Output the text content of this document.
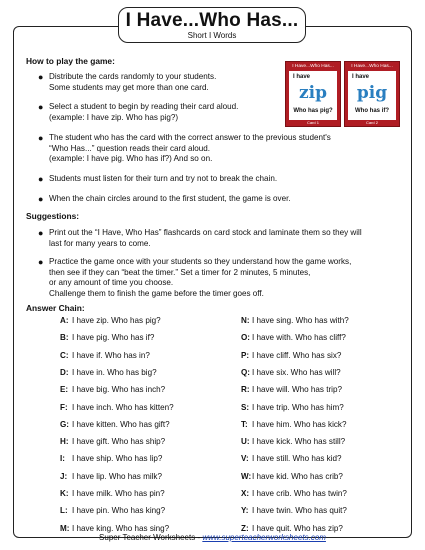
I Have...Who Has...
Short I Words
How to play the game:
● Distribute the cards randomly to your students.
Some students may get more than one card.
● Select a student to begin by reading their card aloud.
(example: I have zip. Who has pig?)
● The student who has the card with the correct answer to the previous student's
“Who Has...” question reads their card aloud.
(example: I have pig. Who has if?) And so on.
● Students must listen for their turn and try not to break the chain.
● When the chain circles around to the first student, the game is over.
I Have...Who Has...
I have
zip
Who has pig?
Card 1
I Have...Who Has...
I have
pig
Who has if?
Card 2
Suggestions:
● Print out the “I Have, Who Has” flashcards on card stock and laminate them so they will
last for many years to come.
● Practice the game once with your students so they understand how the game works,
then see if they can “beat the timer.” Set a timer for 2 minutes, 5 minutes,
or any amount of time you choose.
Challenge them to finish the game before the timer goes off.
Answer Chain:
A: I have zip. Who has pig?
B: I have pig. Who has if?
C: I have if. Who has in?
D: I have in. Who has big?
E: I have big. Who has inch?
F: I have inch. Who has kitten?
G: I have kitten. Who has gift?
H: I have gift. Who has ship?
I: I have ship. Who has lip?
J: I have lip. Who has milk?
K: I have milk. Who has pin?
L: I have pin. Who has king?
M: I have king. Who has sing?
N: I have sing. Who has with?
O: I have with. Who has cliff?
P: I have cliff. Who has six?
Q: I have six. Who has will?
R: I have will. Who has trip?
S: I have trip. Who has him?
T: I have him. Who has kick?
U: I have kick. Who has still?
V: I have still. Who has kid?
W:I have kid. Who has crib?
X: I have crib. Who has twin?
Y: I have twin. Who has quit?
Z: I have quit. Who has zip?
Super Teacher Worksheets - www.superteacherworksheets.com
